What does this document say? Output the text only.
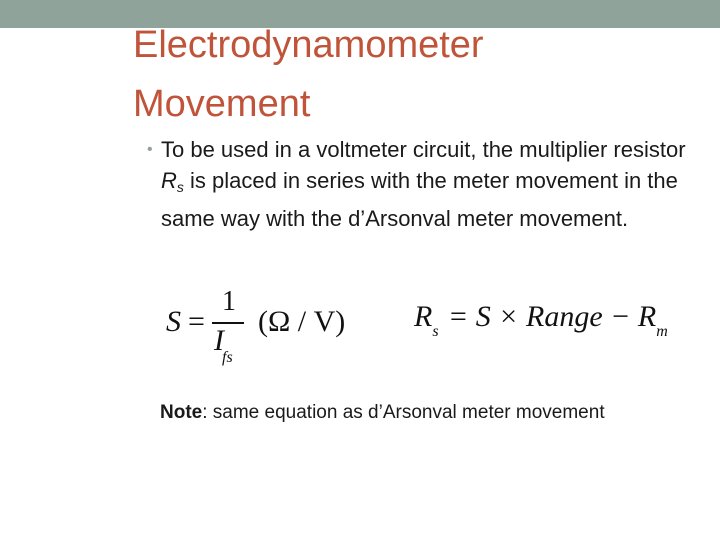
Electrodynamometer
Movement
• To be used in a voltmeter circuit, the multiplier resistor $R_s$ is placed in series with the meter movement in the same way with the d’Arsonval meter movement.
S =
1
$I_{fs}$
(Ω / V) $R_s = S$ × Range − $R_m$
Note: same equation as d’Arsonval meter movement
